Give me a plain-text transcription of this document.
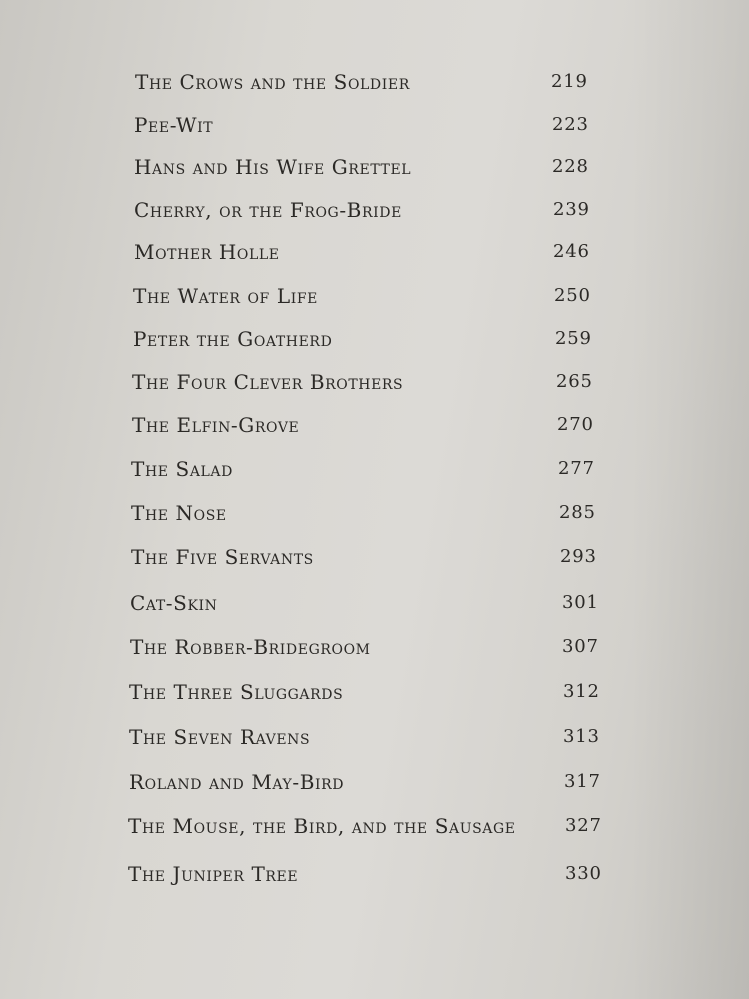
The Crows and the Soldier	219
Pee-Wit	223
Hans and His Wife Grettel	228
Cherry, or the Frog-Bride	239
Mother Holle	246
The Water of Life	250
Peter the Goatherd	259
The Four Clever Brothers	265
The Elfin-Grove	270
The Salad	277
The Nose	285
The Five Servants	293
Cat-Skin	301
The Robber-Bridegroom	307
The Three Sluggards	312
The Seven Ravens	313
Roland and May-Bird	317
The Mouse, the Bird, and the Sausage	327
The Juniper Tree	330
